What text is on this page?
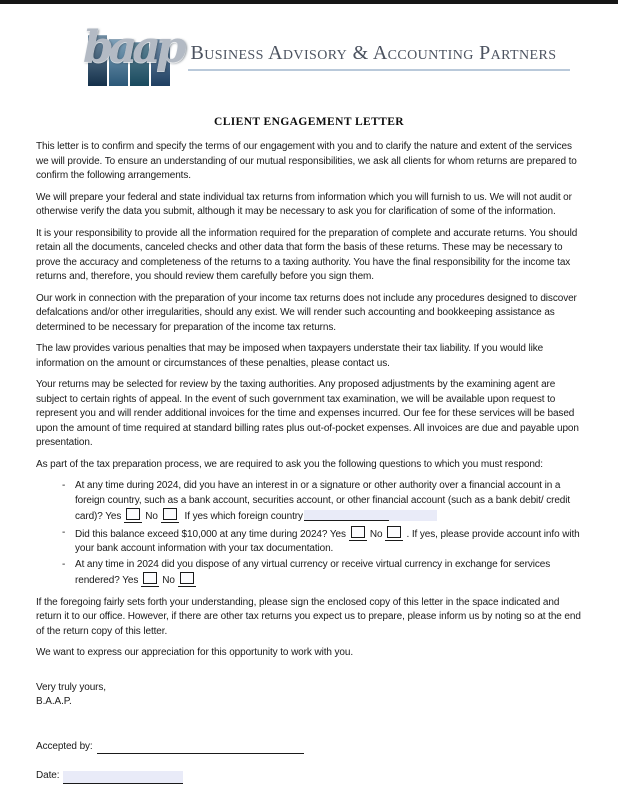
baap Business Advisory & Accounting Partners
CLIENT ENGAGEMENT LETTER

This letter is to confirm and specify the terms of our engagement with you and to clarify the nature and extent of the services we will provide. To ensure an understanding of our mutual responsibilities, we ask all clients for whom returns are prepared to confirm the following arrangements.

We will prepare your federal and state individual tax returns from information which you will furnish to us. We will not audit or otherwise verify the data you submit, although it may be necessary to ask you for clarification of some of the information.

It is your responsibility to provide all the information required for the preparation of complete and accurate returns. You should retain all the documents, canceled checks and other data that form the basis of these returns. These may be necessary to prove the accuracy and completeness of the returns to a taxing authority. You have the final responsibility for the income tax returns and, therefore, you should review them carefully before you sign them.

Our work in connection with the preparation of your income tax returns does not include any procedures designed to discover defalcations and/or other irregularities, should any exist. We will render such accounting and bookkeeping assistance as determined to be necessary for preparation of the income tax returns.

The law provides various penalties that may be imposed when taxpayers understate their tax liability. If you would like information on the amount or circumstances of these penalties, please contact us.

Your returns may be selected for review by the taxing authorities. Any proposed adjustments by the examining agent are subject to certain rights of appeal. In the event of such government tax examination, we will be available upon request to represent you and will render additional invoices for the time and expenses incurred. Our fee for these services will be based upon the amount of time required at standard billing rates plus out-of-pocket expenses. All invoices are due and payable upon presentation.

As part of the tax preparation process, we are required to ask you the following questions to which you must respond:

- At any time during 2024, did you have an interest in or a signature or other authority over a financial account in a foreign country, such as a bank account, securities account, or other financial account (such as a bank debit/ credit card)? Yes No If yes which foreign country
- Did this balance exceed $10,000 at any time during 2024? Yes No . If yes, please provide account info with your bank account information with your tax documentation.
- At any time in 2024 did you dispose of any virtual currency or receive virtual currency in exchange for services rendered? Yes No

If the foregoing fairly sets forth your understanding, please sign the enclosed copy of this letter in the space indicated and return it to our office. However, if there are other tax returns you expect us to prepare, please inform us by noting so at the end of the return copy of this letter.

We want to express our appreciation for this opportunity to work with you.

Very truly yours,
B.A.A.P.
Accepted by:
Date:
